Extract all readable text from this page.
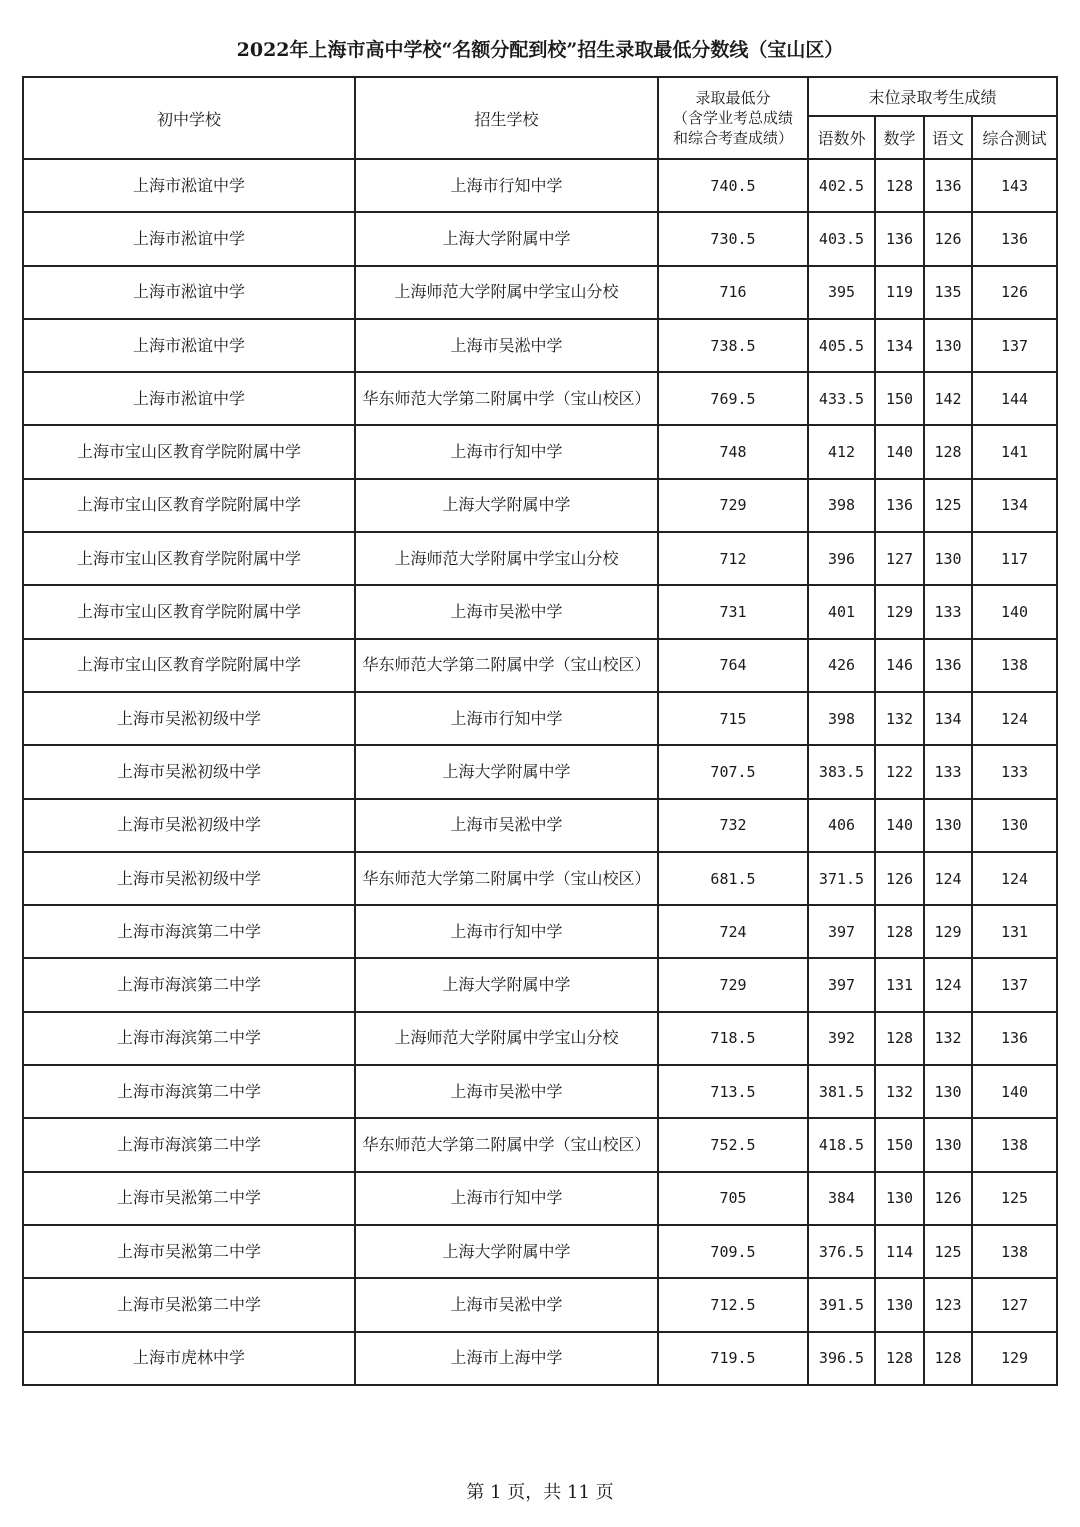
2022年上海市高中学校“名额分配到校”招生录取最低分数线（宝山区）
初中学校	招生学校	录取最低分
（含学业考总成绩
和综合考查成绩）	末位录取考生成绩			
			语数外	数学	语文	综合测试
上海市淞谊中学	上海市行知中学	740.5	402.5	128	136	143
上海市淞谊中学	上海大学附属中学	730.5	403.5	136	126	136
上海市淞谊中学	上海师范大学附属中学宝山分校	716	395	119	135	126
上海市淞谊中学	上海市吴淞中学	738.5	405.5	134	130	137
上海市淞谊中学	华东师范大学第二附属中学（宝山校区）	769.5	433.5	150	142	144
上海市宝山区教育学院附属中学	上海市行知中学	748	412	140	128	141
上海市宝山区教育学院附属中学	上海大学附属中学	729	398	136	125	134
上海市宝山区教育学院附属中学	上海师范大学附属中学宝山分校	712	396	127	130	117
上海市宝山区教育学院附属中学	上海市吴淞中学	731	401	129	133	140
上海市宝山区教育学院附属中学	华东师范大学第二附属中学（宝山校区）	764	426	146	136	138
上海市吴淞初级中学	上海市行知中学	715	398	132	134	124
上海市吴淞初级中学	上海大学附属中学	707.5	383.5	122	133	133
上海市吴淞初级中学	上海市吴淞中学	732	406	140	130	130
上海市吴淞初级中学	华东师范大学第二附属中学（宝山校区）	681.5	371.5	126	124	124
上海市海滨第二中学	上海市行知中学	724	397	128	129	131
上海市海滨第二中学	上海大学附属中学	729	397	131	124	137
上海市海滨第二中学	上海师范大学附属中学宝山分校	718.5	392	128	132	136
上海市海滨第二中学	上海市吴淞中学	713.5	381.5	132	130	140
上海市海滨第二中学	华东师范大学第二附属中学（宝山校区）	752.5	418.5	150	130	138
上海市吴淞第二中学	上海市行知中学	705	384	130	126	125
上海市吴淞第二中学	上海大学附属中学	709.5	376.5	114	125	138
上海市吴淞第二中学	上海市吴淞中学	712.5	391.5	130	123	127
上海市虎林中学	上海市上海中学	719.5	396.5	128	128	129
第 1 页，共 11 页
